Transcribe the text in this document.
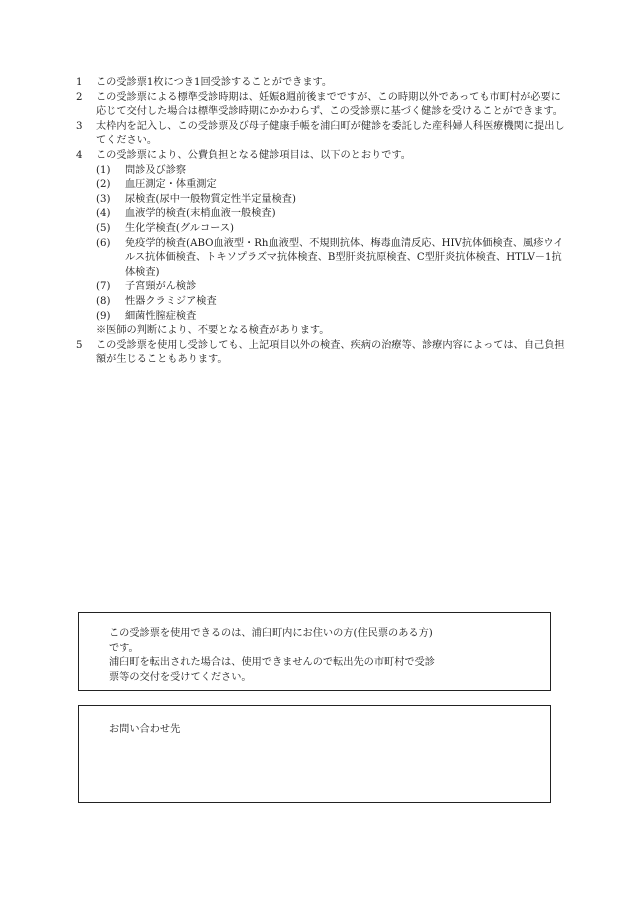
1	この受診票1枚につき1回受診することができます。
2	この受診票による標準受診時期は、妊娠8週前後までですが、この時期以外であっても市町村が必要に応じて交付した場合は標準受診時期にかかわらず、この受診票に基づく健診を受けることができます。
3	太枠内を記入し、この受診票及び母子健康手帳を浦臼町が健診を委託した産科婦人科医療機関に提出してください。
4	この受診票により、公費負担となる健診項目は、以下のとおりです。
(1)	問診及び診察
(2)	血圧測定・体重測定
(3)	尿検査(尿中一般物質定性半定量検査)
(4)	血液学的検査(末梢血液一般検査)
(5)	生化学検査(グルコース)
(6)	免疫学的検査(ABO血液型・Rh血液型、不規則抗体、梅毒血清反応、HIV抗体価検査、風疹ウイルス抗体価検査、トキソプラズマ抗体検査、B型肝炎抗原検査、C型肝炎抗体検査、HTLV－1抗体検査)
(7)	子宮頸がん検診
(8)	性器クラミジア検査
(9)	細菌性膣症検査
※医師の判断により、不要となる検査があります。
5	この受診票を使用し受診しても、上記項目以外の検査、疾病の治療等、診療内容によっては、自己負担額が生じることもあります。
この受診票を使用できるのは、浦臼町内にお住いの方(住民票のある方)
です。
浦臼町を転出された場合は、使用できませんので転出先の市町村で受診
票等の交付を受けてください。
お問い合わせ先
